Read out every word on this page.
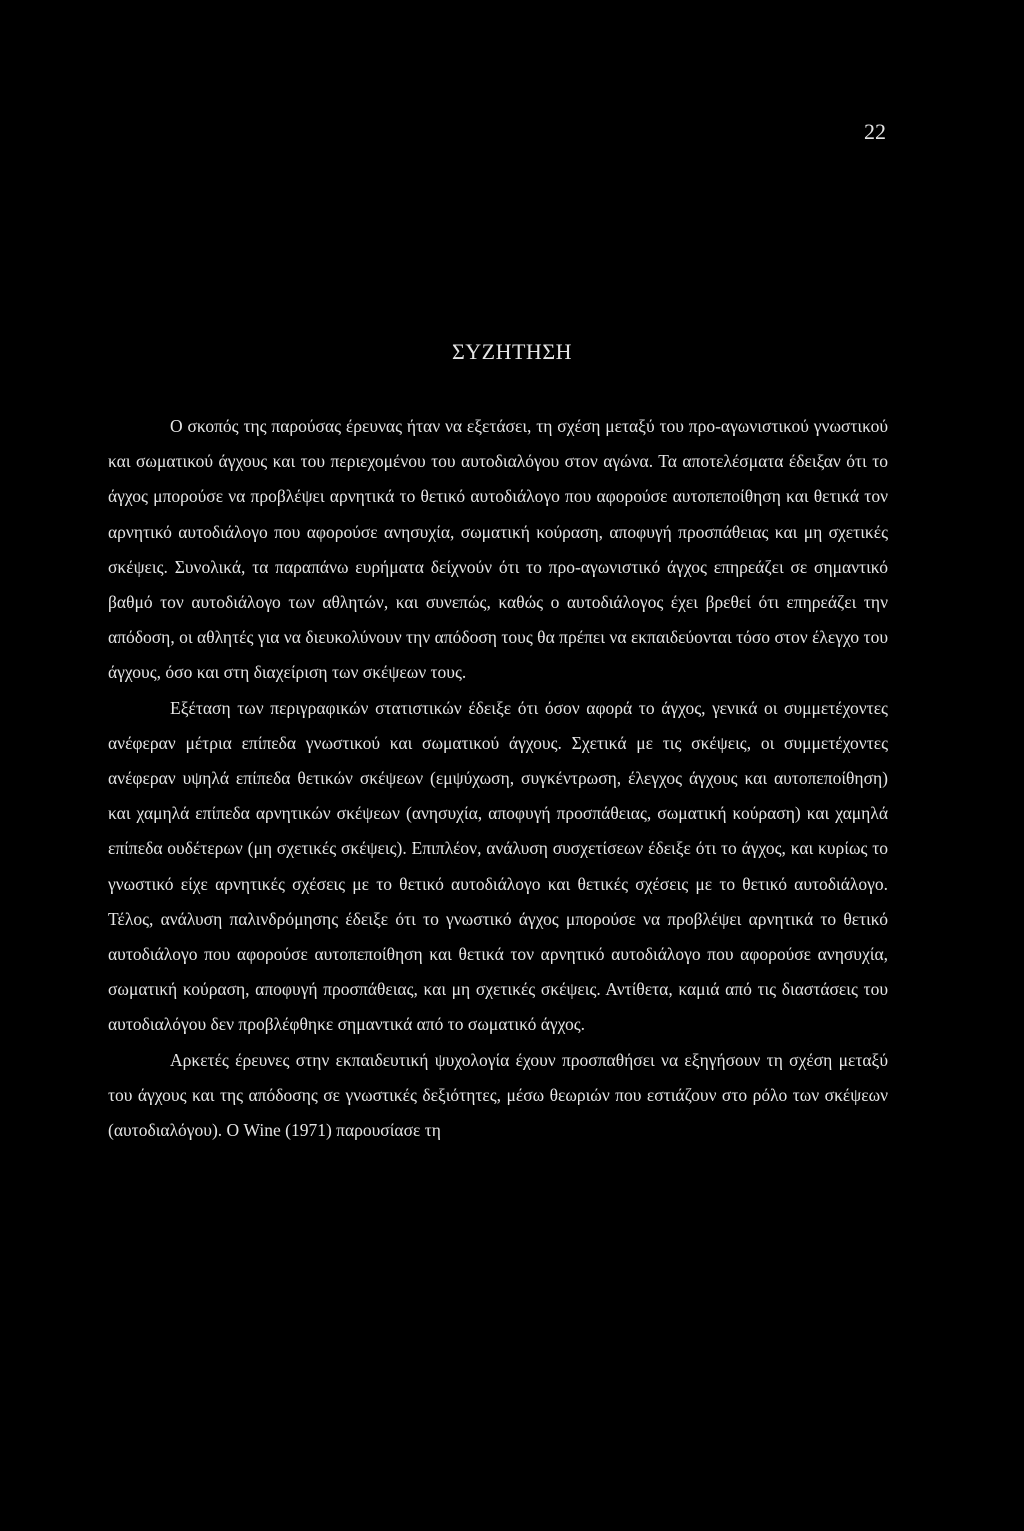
22
ΣΥΖΗΤΗΣΗ

Ο σκοπός της παρούσας έρευνας ήταν να εξετάσει, τη σχέση μεταξύ του προ-αγωνιστικού γνωστικού και σωματικού άγχους και του περιεχομένου του αυτοδιαλόγου στον αγώνα. Τα αποτελέσματα έδειξαν ότι το άγχος μπορούσε να προβλέψει αρνητικά το θετικό αυτοδιάλογο που αφορούσε αυτοπεποίθηση και θετικά τον αρνητικό αυτοδιάλογο που αφορούσε ανησυχία, σωματική κούραση, αποφυγή προσπάθειας και μη σχετικές σκέψεις. Συνολικά, τα παραπάνω ευρήματα δείχνούν ότι το προ-αγωνιστικό άγχος επηρεάζει σε σημαντικό βαθμό τον αυτοδιάλογο των αθλητών, και συνεπώς, καθώς ο αυτοδιάλογος έχει βρεθεί ότι επηρεάζει την απόδοση, οι αθλητές για να διευκολύνουν την απόδοση τους θα πρέπει να εκπαιδεύονται τόσο στον έλεγχο του άγχους, όσο και στη διαχείριση των σκέψεων τους.

Εξέταση των περιγραφικών στατιστικών έδειξε ότι όσον αφορά το άγχος, γενικά οι συμμετέχοντες ανέφεραν μέτρια επίπεδα γνωστικού και σωματικού άγχους. Σχετικά με τις σκέψεις, οι συμμετέχοντες ανέφεραν υψηλά επίπεδα θετικών σκέψεων (εμψύχωση, συγκέντρωση, έλεγχος άγχους και αυτοπεποίθηση) και χαμηλά επίπεδα αρνητικών σκέψεων (ανησυχία, αποφυγή προσπάθειας, σωματική κούραση) και χαμηλά επίπεδα ουδέτερων (μη σχετικές σκέψεις). Επιπλέον, ανάλυση συσχετίσεων έδειξε ότι το άγχος, και κυρίως το γνωστικό είχε αρνητικές σχέσεις με το θετικό αυτοδιάλογο και θετικές σχέσεις με το θετικό αυτοδιάλογο. Τέλος, ανάλυση παλινδρόμησης έδειξε ότι το γνωστικό άγχος μπορούσε να προβλέψει αρνητικά το θετικό αυτοδιάλογο που αφορούσε αυτοπεποίθηση και θετικά τον αρνητικό αυτοδιάλογο που αφορούσε ανησυχία, σωματική κούραση, αποφυγή προσπάθειας, και μη σχετικές σκέψεις. Αντίθετα, καμιά από τις διαστάσεις του αυτοδιαλόγου δεν προβλέφθηκε σημαντικά από το σωματικό άγχος.

Αρκετές έρευνες στην εκπαιδευτική ψυχολογία έχουν προσπαθήσει να εξηγήσουν τη σχέση μεταξύ του άγχους και της απόδοσης σε γνωστικές δεξιότητες, μέσω θεωριών που εστιάζουν στο ρόλο των σκέψεων (αυτοδιαλόγου). Ο Wine (1971) παρουσίασε τη
